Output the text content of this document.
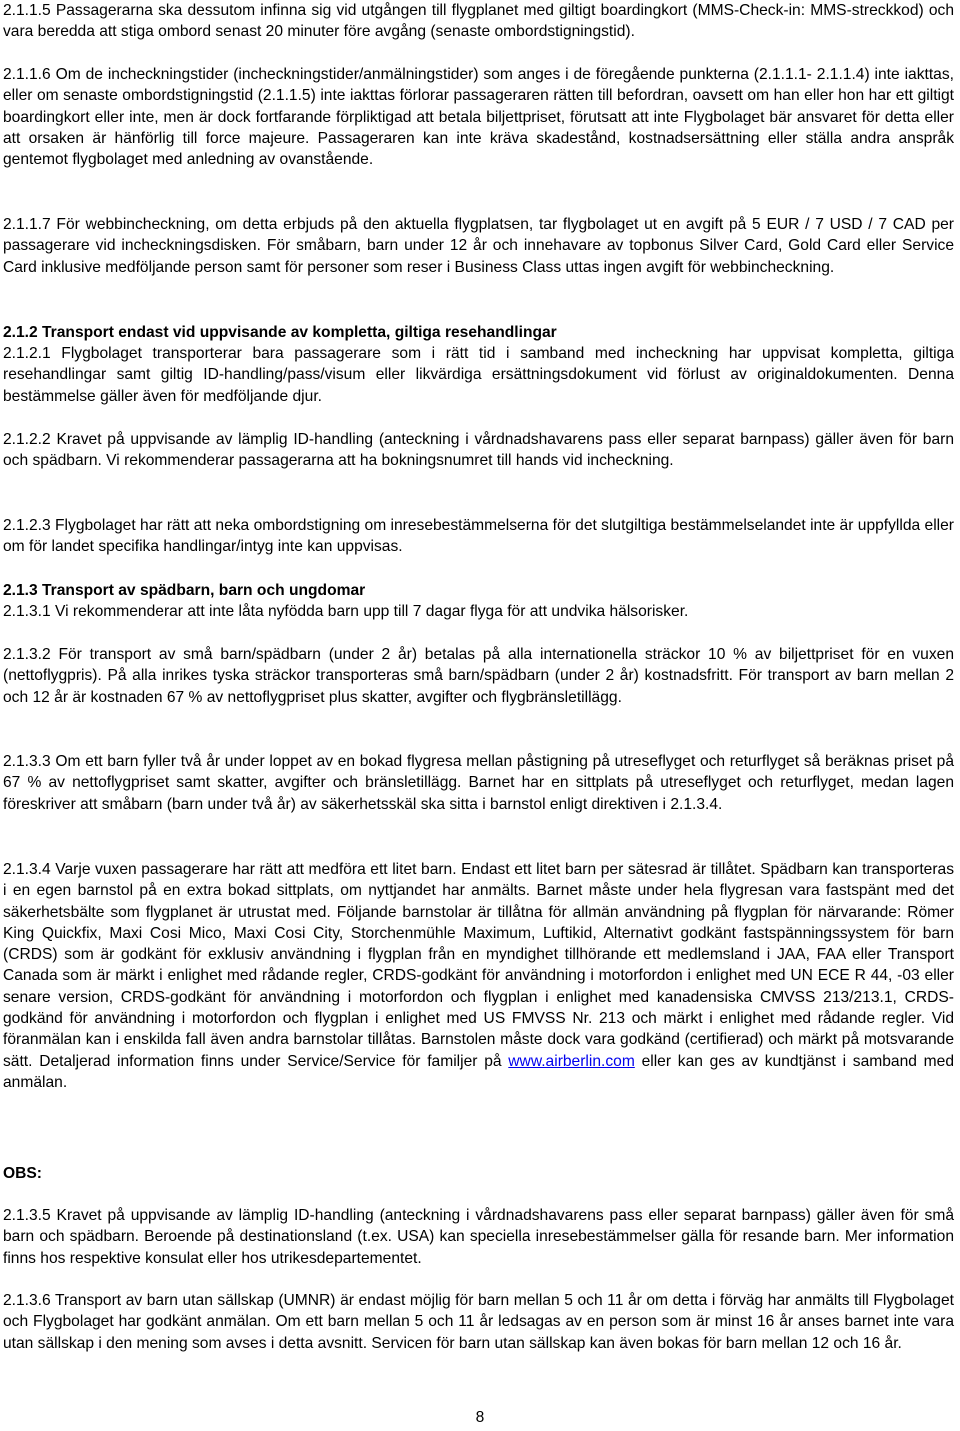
2.1.1.5 Passagerarna ska dessutom infinna sig vid utgången till flygplanet med giltigt boardingkort (MMS-Check-in: MMS-streckkod) och vara beredda att stiga ombord senast 20 minuter före avgång (senaste ombordstigningstid).

2.1.1.6 Om de incheckningstider (incheckningstider/anmälningstider) som anges i de föregående punkterna (2.1.1.1- 2.1.1.4) inte iakttas, eller om senaste ombordstigningstid (2.1.1.5) inte iakttas förlorar passageraren rätten till befordran, oavsett om han eller hon har ett giltigt boardingkort eller inte, men är dock fortfarande förpliktigad att betala biljettpriset, förutsatt att inte Flygbolaget bär ansvaret för detta eller att orsaken är hänförlig till force majeure. Passageraren kan inte kräva skadestånd, kostnadsersättning eller ställa andra anspråk gentemot flygbolaget med anledning av ovanstående.

2.1.1.7 För webbincheckning, om detta erbjuds på den aktuella flygplatsen, tar flygbolaget ut en avgift på 5 EUR / 7 USD / 7 CAD per passagerare vid incheckningsdisken. För småbarn, barn under 12 år och innehavare av topbonus Silver Card, Gold Card eller Service Card inklusive medföljande person samt för personer som reser i Business Class uttas ingen avgift för webbincheckning.

2.1.2 Transport endast vid uppvisande av kompletta, giltiga resehandlingar

2.1.2.1 Flygbolaget transporterar bara passagerare som i rätt tid i samband med incheckning har uppvisat kompletta, giltiga resehandlingar samt giltig ID-handling/pass/visum eller likvärdiga ersättningsdokument vid förlust av originaldokumenten. Denna bestämmelse gäller även för medföljande djur.

2.1.2.2 Kravet på uppvisande av lämplig ID-handling (anteckning i vårdnadshavarens pass eller separat barnpass) gäller även för barn och spädbarn. Vi rekommenderar passagerarna att ha bokningsnumret till hands vid incheckning.

2.1.2.3 Flygbolaget har rätt att neka ombordstigning om inresebestämmelserna för det slutgiltiga bestämmelselandet inte är uppfyllda eller om för landet specifika handlingar/intyg inte kan uppvisas.

2.1.3 Transport av spädbarn, barn och ungdomar

2.1.3.1 Vi rekommenderar att inte låta nyfödda barn upp till 7 dagar flyga för att undvika hälsorisker.

2.1.3.2 För transport av små barn/spädbarn (under 2 år) betalas på alla internationella sträckor 10 % av biljettpriset för en vuxen (nettoflygpris). På alla inrikes tyska sträckor transporteras små barn/spädbarn (under 2 år) kostnadsfritt. För transport av barn mellan 2 och 12 år är kostnaden 67 % av nettoflygpriset plus skatter, avgifter och flygbränsletillägg.

2.1.3.3 Om ett barn fyller två år under loppet av en bokad flygresa mellan påstigning på utreseflyget och returflyget så beräknas priset på 67 % av nettoflygpriset samt skatter, avgifter och bränsletillägg. Barnet har en sittplats på utreseflyget och returflyget, medan lagen föreskriver att småbarn (barn under två år) av säkerhetsskäl ska sitta i barnstol enligt direktiven i 2.1.3.4.

2.1.3.4 Varje vuxen passagerare har rätt att medföra ett litet barn. Endast ett litet barn per sätesrad är tillåtet. Spädbarn kan transporteras i en egen barnstol på en extra bokad sittplats, om nyttjandet har anmälts. Barnet måste under hela flygresan vara fastspänt med det säkerhetsbälte som flygplanet är utrustat med. Följande barnstolar är tillåtna för allmän användning på flygplan för närvarande: Römer King Quickfix, Maxi Cosi Mico, Maxi Cosi City, Storchenmühle Maximum, Luftikid, Alternativt godkänt fastspänningssystem för barn (CRDS) som är godkänt för exklusiv användning i flygplan från en myndighet tillhörande ett medlemsland i JAA, FAA eller Transport Canada som är märkt i enlighet med rådande regler, CRDS-godkänt för användning i motorfordon i enlighet med UN ECE R 44, -03 eller senare version, CRDS-godkänt för användning i motorfordon och flygplan i enlighet med kanadensiska CMVSS 213/213.1, CRDS-godkänd för användning i motorfordon och flygplan i enlighet med US FMVSS Nr. 213 och märkt i enlighet med rådande regler. Vid föranmälan kan i enskilda fall även andra barnstolar tillåtas. Barnstolen måste dock vara godkänd (certifierad) och märkt på motsvarande sätt. Detaljerad information finns under Service/Service för familjer på www.airberlin.com eller kan ges av kundtjänst i samband med anmälan.

OBS:

2.1.3.5 Kravet på uppvisande av lämplig ID-handling (anteckning i vårdnadshavarens pass eller separat barnpass) gäller även för små barn och spädbarn. Beroende på destinationsland (t.ex. USA) kan speciella inresebestämmelser gälla för resande barn. Mer information finns hos respektive konsulat eller hos utrikesdepartementet.

2.1.3.6 Transport av barn utan sällskap (UMNR) är endast möjlig för barn mellan 5 och 11 år om detta i förväg har anmälts till Flygbolaget och Flygbolaget har godkänt anmälan. Om ett barn mellan 5 och 11 år ledsagas av en person som är minst 16 år anses barnet inte vara utan sällskap i den mening som avses i detta avsnitt. Servicen för barn utan sällskap kan även bokas för barn mellan 12 och 16 år.

8
